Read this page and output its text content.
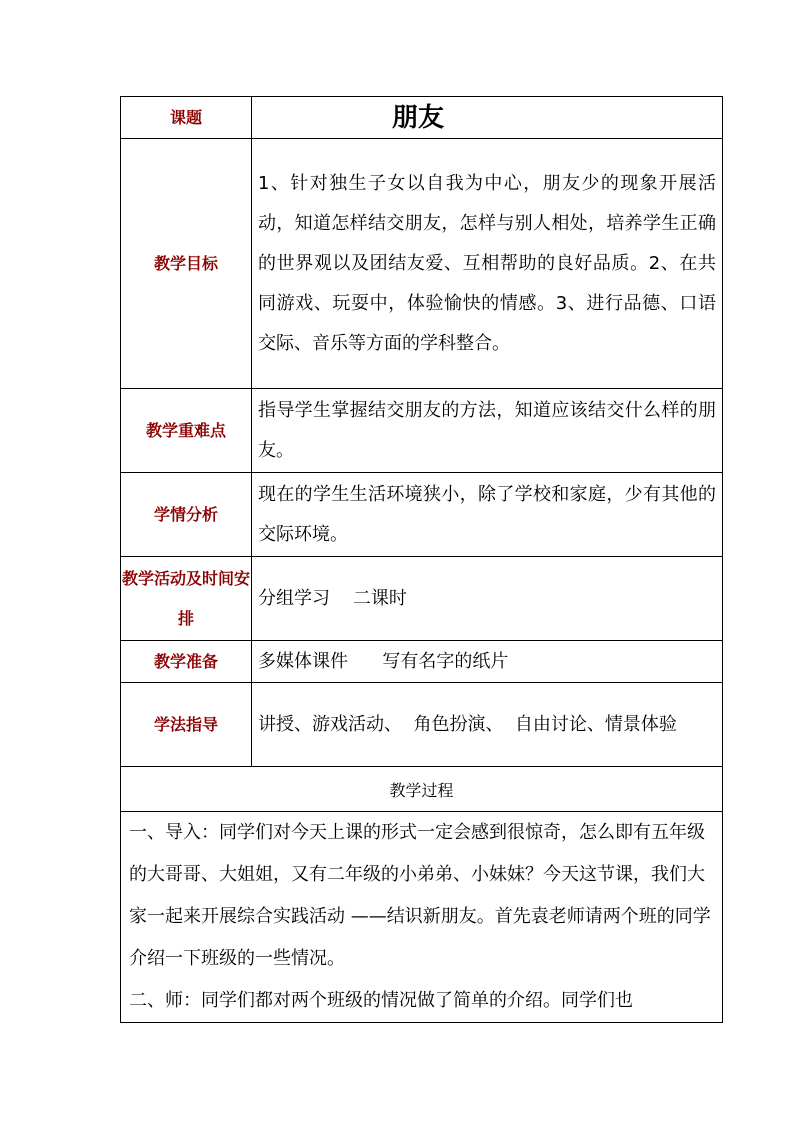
课题	朋友
教学目标	1、针对独生子女以自我为中心，朋友少的现象开展活动，知道怎样结交朋友，怎样与别人相处，培养学生正确的世界观以及团结友爱、互相帮助的良好品质。2、在共同游戏、玩耍中，体验愉快的情感。3、进行品德、口语交际、音乐等方面的学科整合。
教学重难点	指导学生掌握结交朋友的方法，知道应该结交什么样的朋友。
学情分析	现在的学生生活环境狭小，除了学校和家庭，少有其他的交际环境。
教学活动及时间安排	分组学习    二课时
教学准备	多媒体课件      写有名字的纸片
学法指导	讲授、游戏活动、  角色扮演、  自由讨论、情景体验
教学过程	

一、导入：同学们对今天上课的形式一定会感到很惊奇，怎么即有五年级的大哥哥、大姐姐，又有二年级的小弟弟、小妹妹？今天这节课，我们大家一起来开展综合实践活动 ——结识新朋友。首先袁老师请两个班的同学介绍一下班级的一些情况。

二、师：同学们都对两个班级的情况做了简单的介绍。同学们也	
